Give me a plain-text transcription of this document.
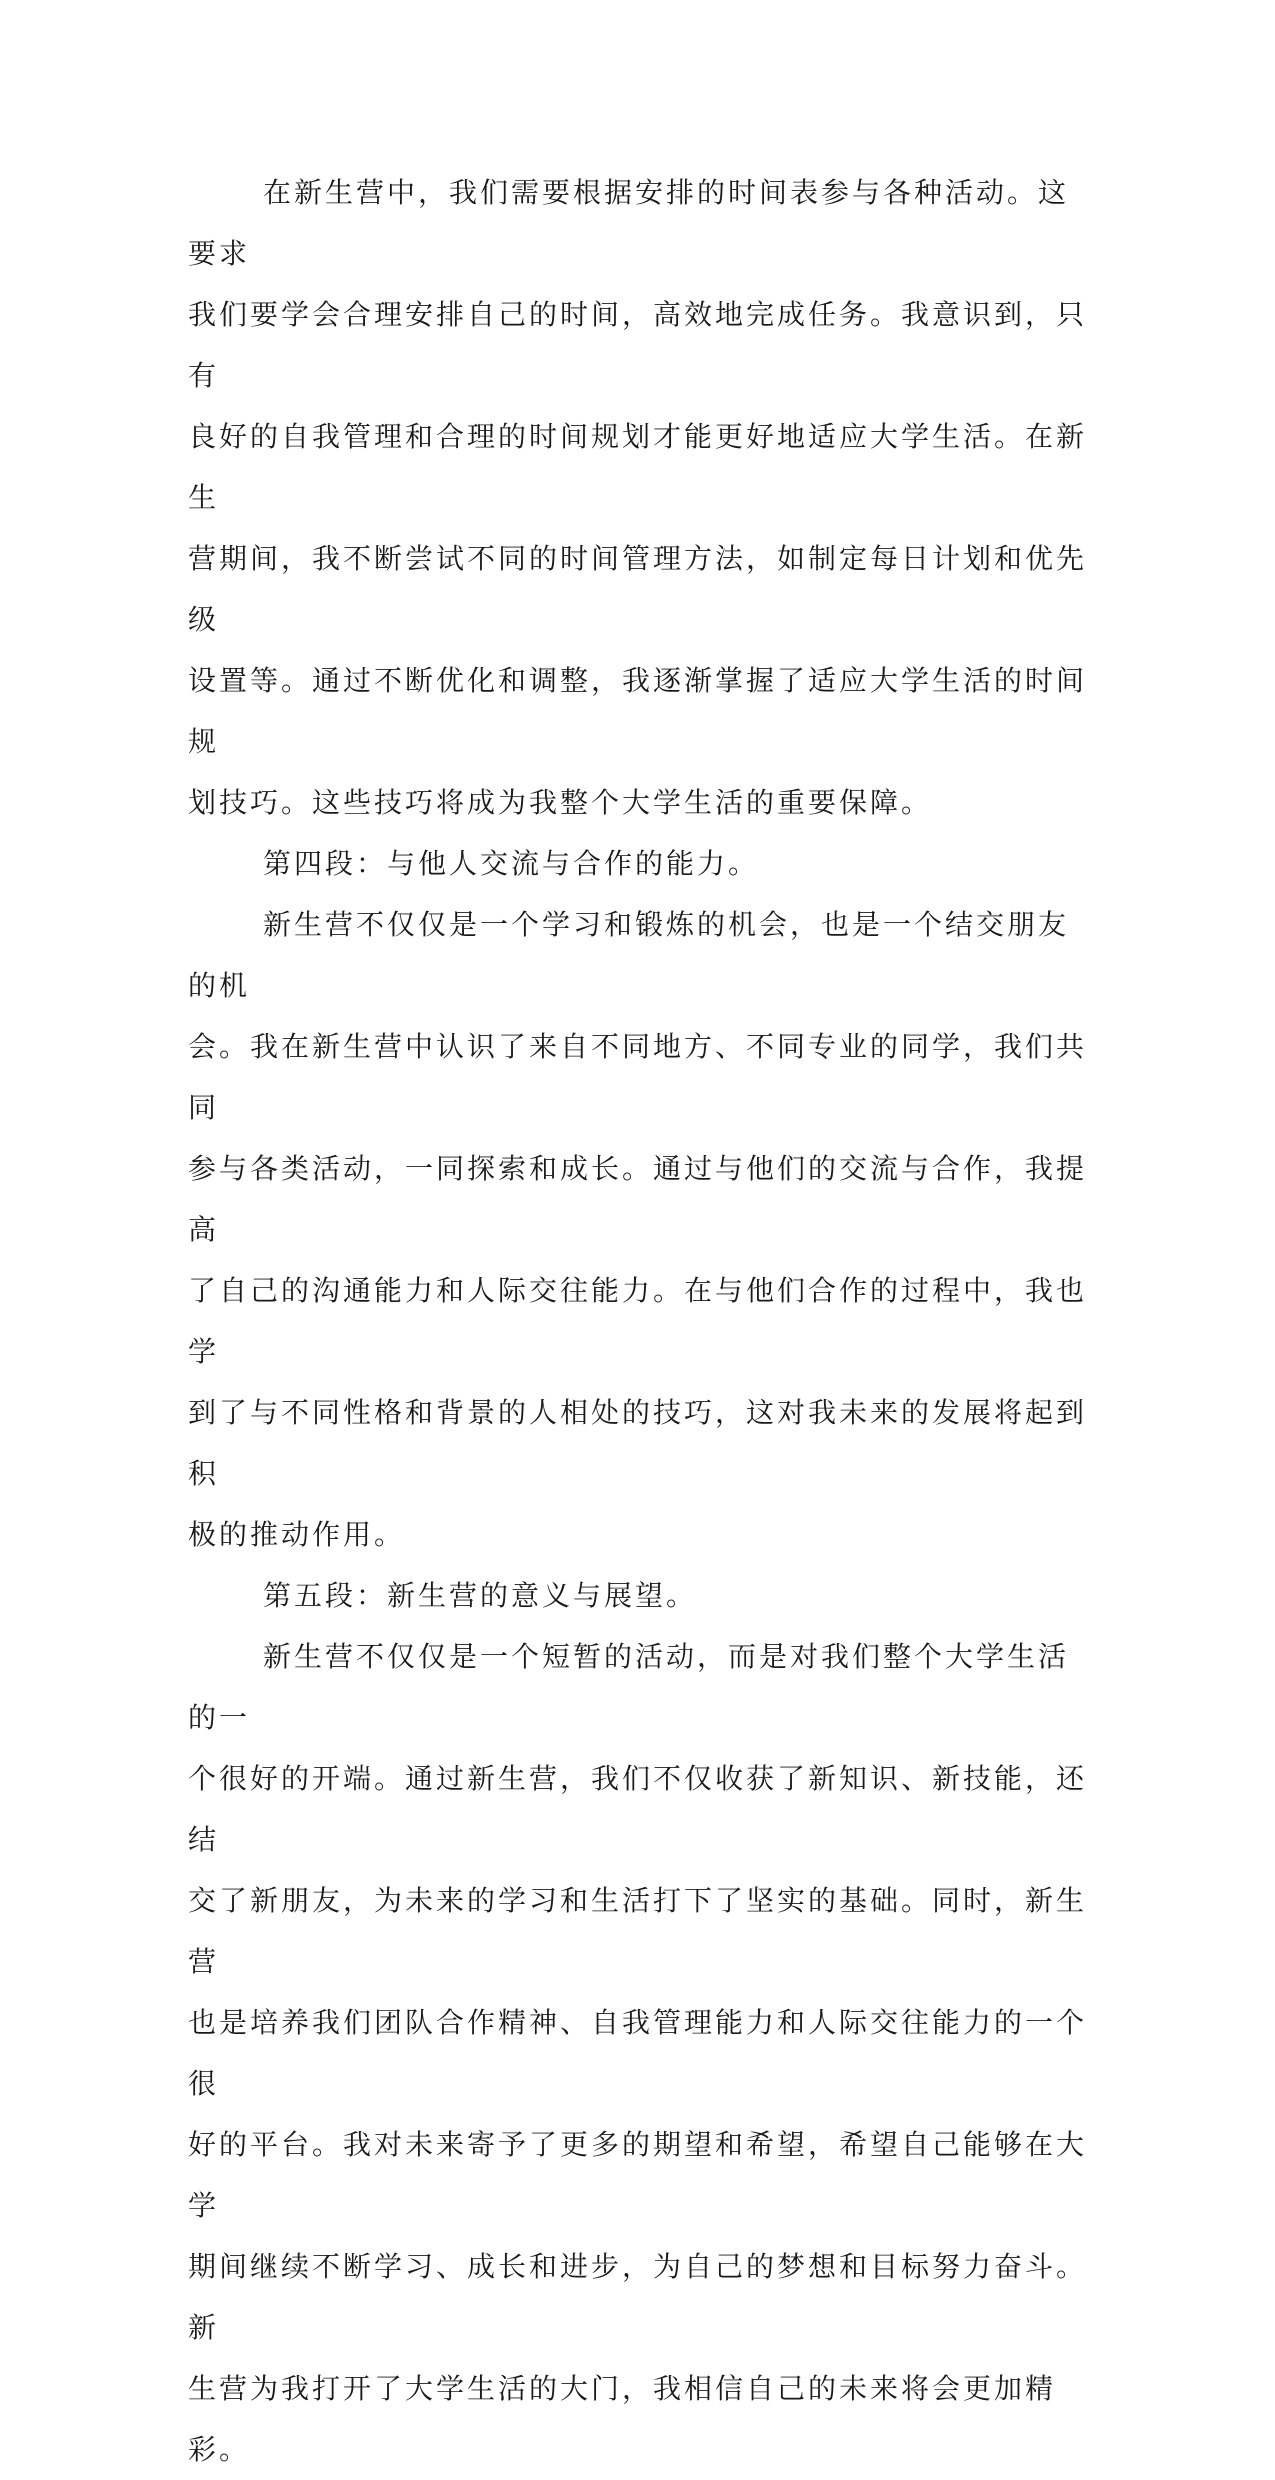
在新生营中，我们需要根据安排的时间表参与各种活动。这要求
我们要学会合理安排自己的时间，高效地完成任务。我意识到，只有
良好的自我管理和合理的时间规划才能更好地适应大学生活。在新生
营期间，我不断尝试不同的时间管理方法，如制定每日计划和优先级
设置等。通过不断优化和调整，我逐渐掌握了适应大学生活的时间规
划技巧。这些技巧将成为我整个大学生活的重要保障。
第四段：与他人交流与合作的能力。
新生营不仅仅是一个学习和锻炼的机会，也是一个结交朋友的机
会。我在新生营中认识了来自不同地方、不同专业的同学，我们共同
参与各类活动，一同探索和成长。通过与他们的交流与合作，我提高
了自己的沟通能力和人际交往能力。在与他们合作的过程中，我也学
到了与不同性格和背景的人相处的技巧，这对我未来的发展将起到积
极的推动作用。
第五段：新生营的意义与展望。
新生营不仅仅是一个短暂的活动，而是对我们整个大学生活的一
个很好的开端。通过新生营，我们不仅收获了新知识、新技能，还结
交了新朋友，为未来的学习和生活打下了坚实的基础。同时，新生营
也是培养我们团队合作精神、自我管理能力和人际交往能力的一个很
好的平台。我对未来寄予了更多的期望和希望，希望自己能够在大学
期间继续不断学习、成长和进步，为自己的梦想和目标努力奋斗。新
生营为我打开了大学生活的大门，我相信自己的未来将会更加精彩。
